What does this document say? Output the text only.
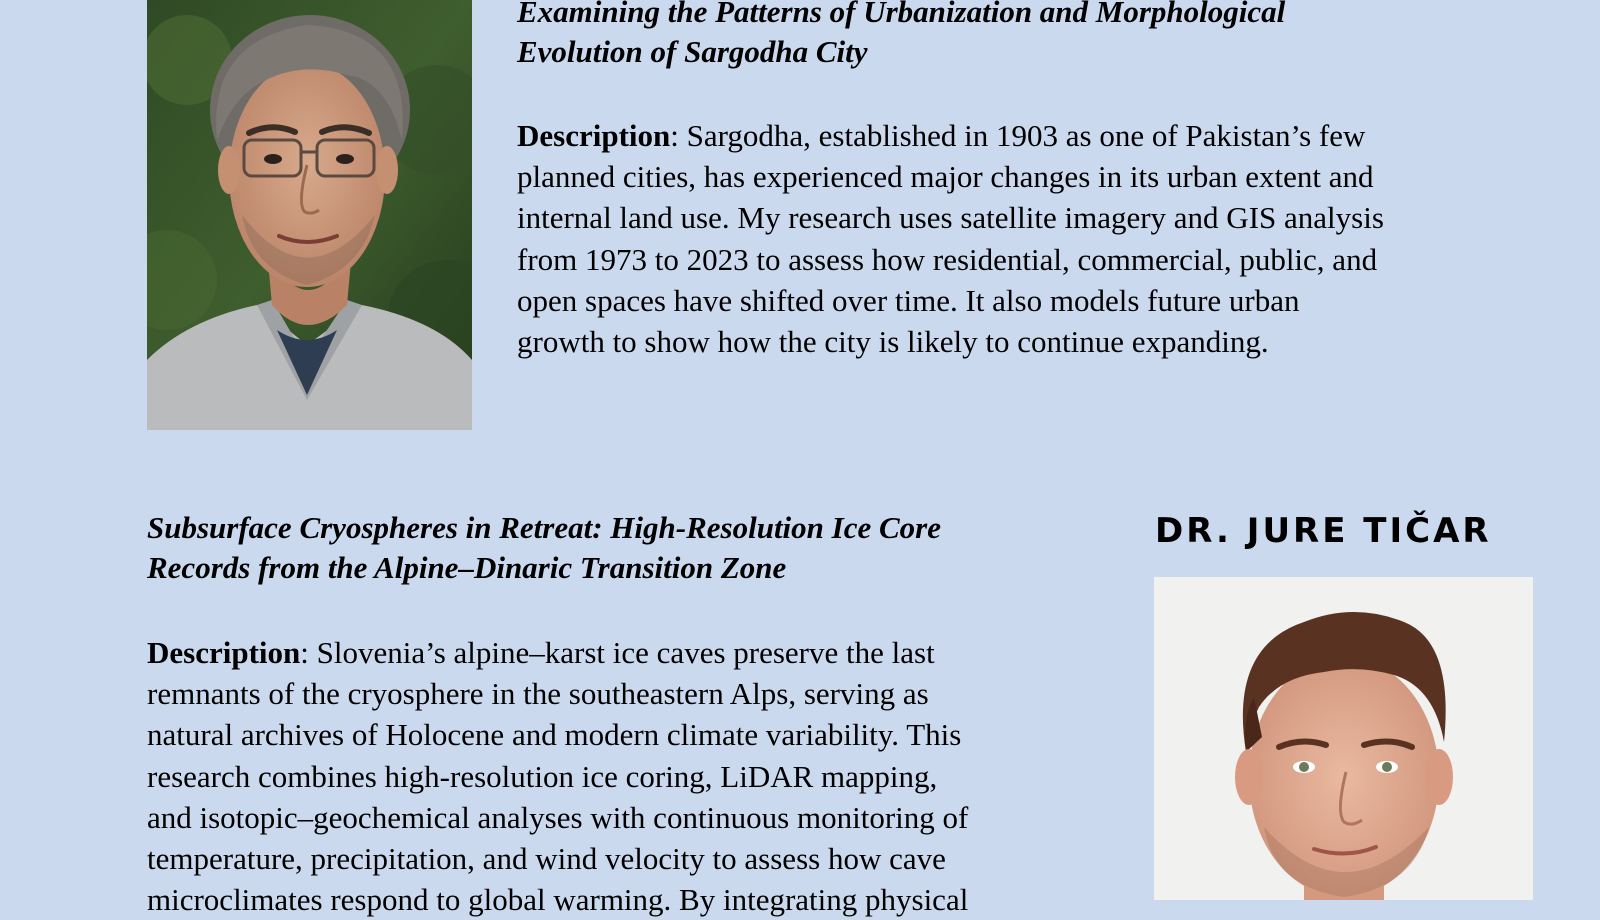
Examining the Patterns of Urbanization and Morphological
Evolution of Sargodha City
Description: Sargodha, established in 1903 as one of Pakistan’s few
planned cities, has experienced major changes in its urban extent and
internal land use. My research uses satellite imagery and GIS analysis
from 1973 to 2023 to assess how residential, commercial, public, and
open spaces have shifted over time. It also models future urban
growth to show how the city is likely to continue expanding.
Subsurface Cryospheres in Retreat: High-Resolution Ice Core
Records from the Alpine–Dinaric Transition Zone
DR. JURE TIČAR
Description: Slovenia’s alpine–karst ice caves preserve the last
remnants of the cryosphere in the southeastern Alps, serving as
natural archives of Holocene and modern climate variability. This
research combines high-resolution ice coring, LiDAR mapping,
and isotopic–geochemical analyses with continuous monitoring of
temperature, precipitation, and wind velocity to assess how cave
microclimates respond to global warming. By integrating physical
